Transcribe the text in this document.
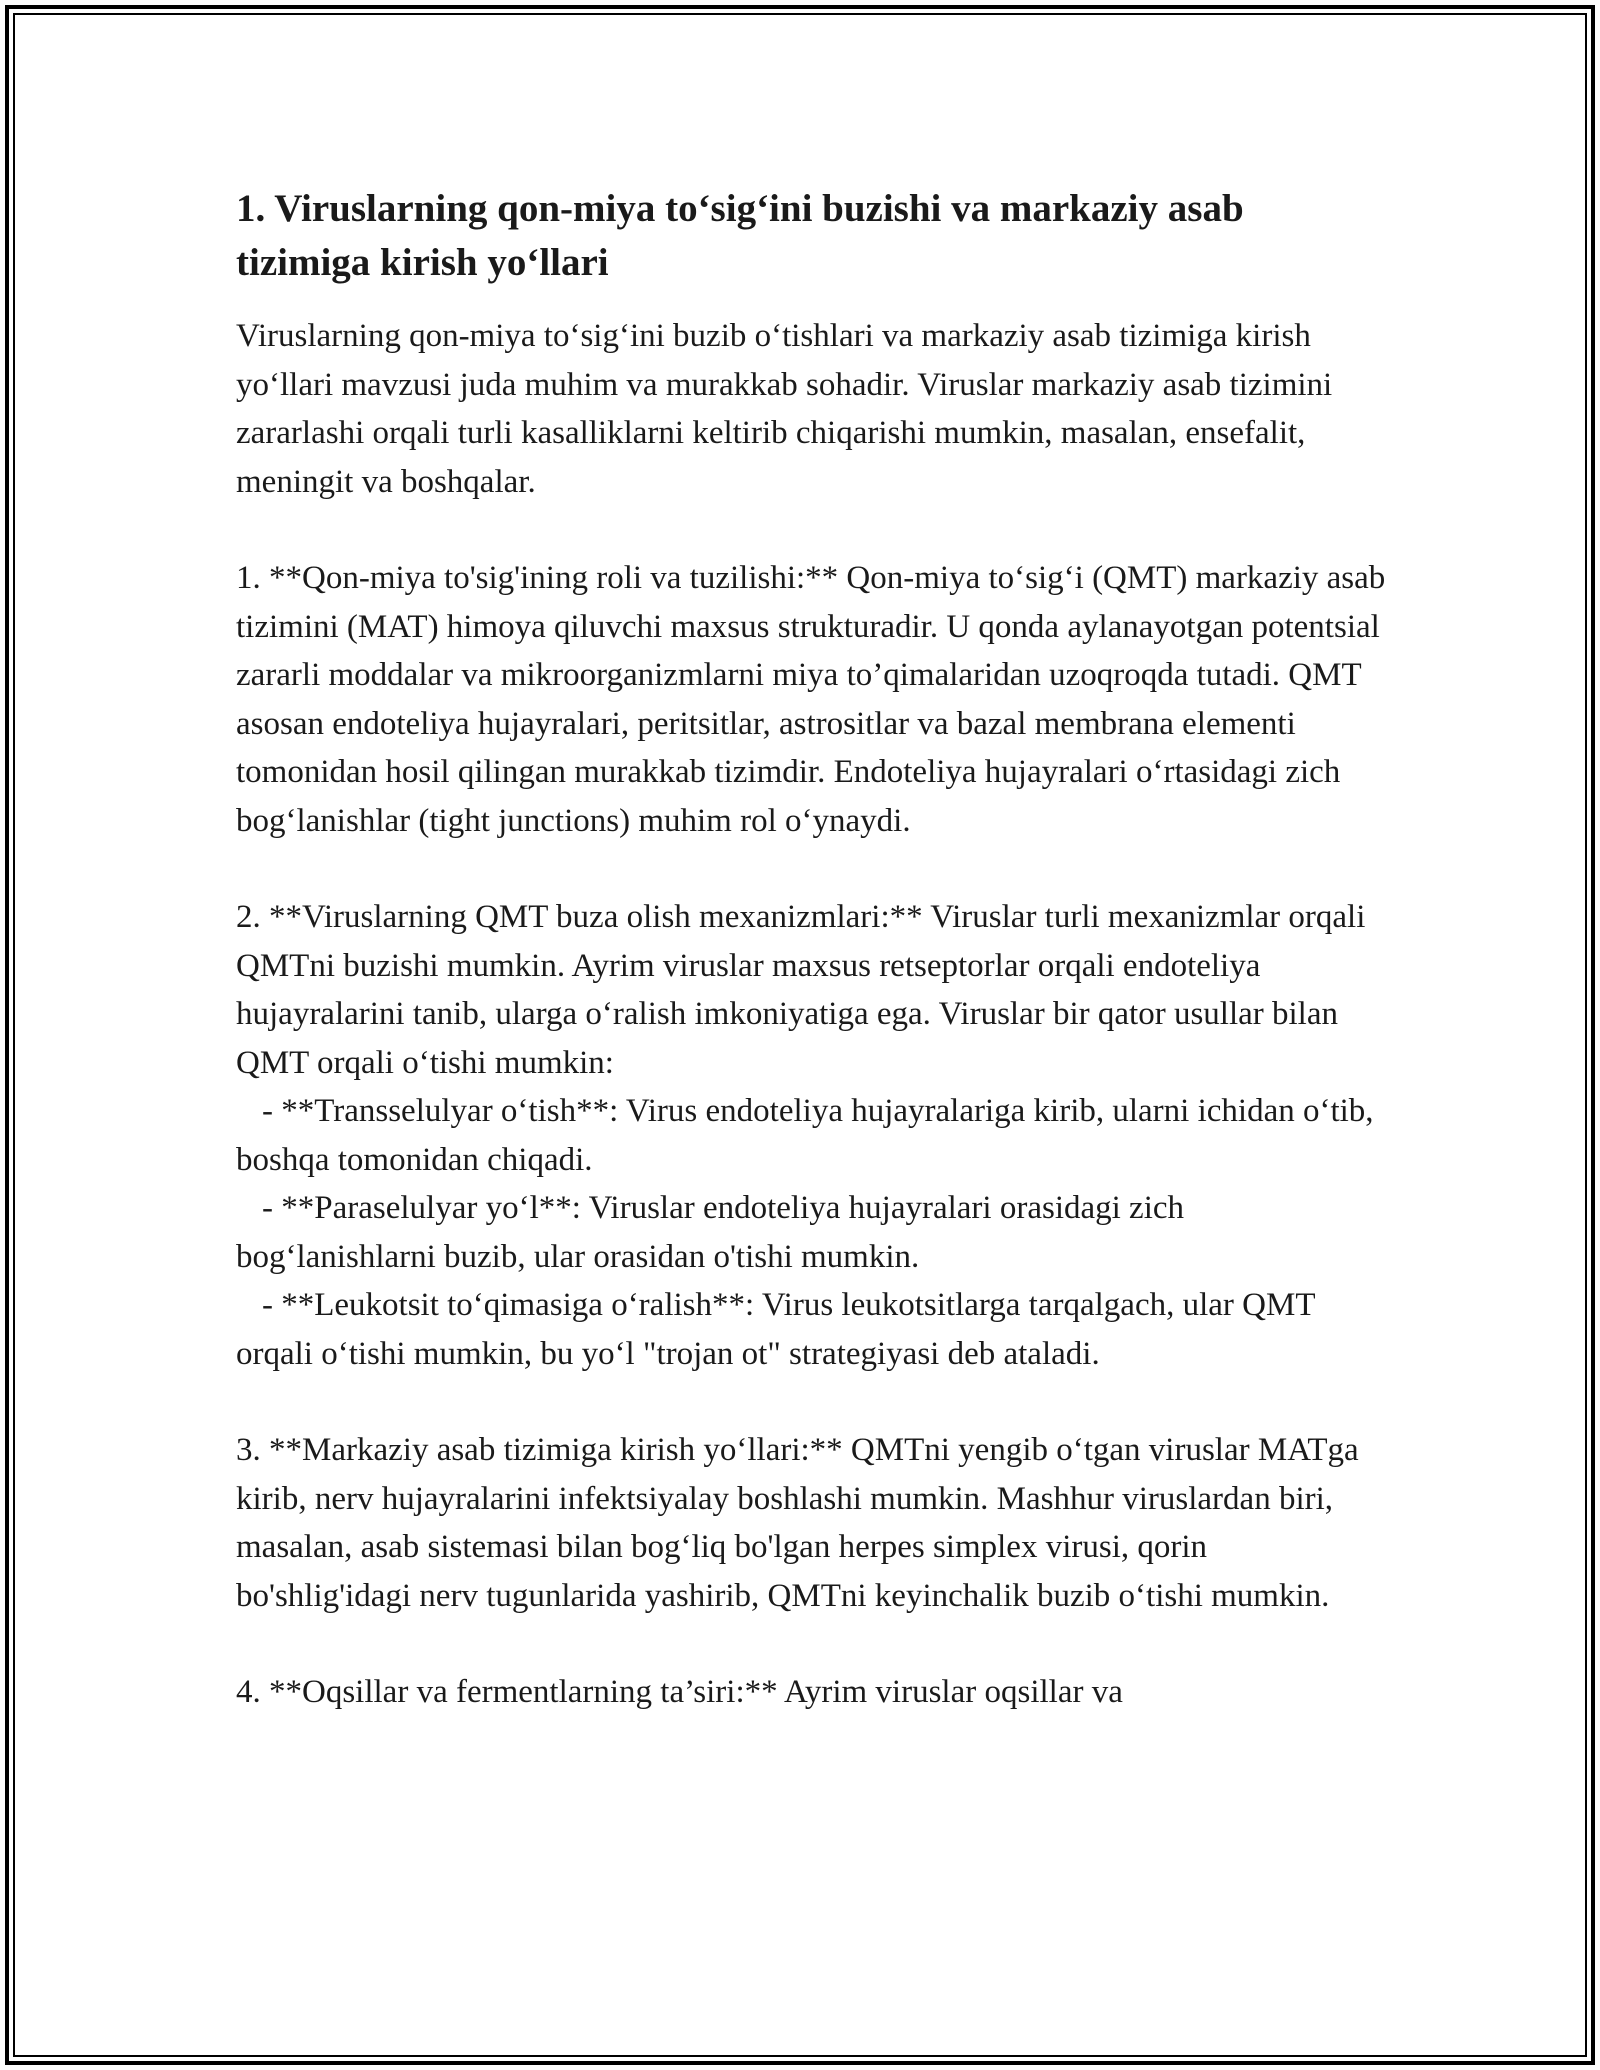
1. Viruslarning qon-miya to‘sig‘ini buzishi va markaziy asab tizimiga kirish yo‘llari

Viruslarning qon-miya to‘sig‘ini buzib o‘tishlari va markaziy asab tizimiga kirish yo‘llari mavzusi juda muhim va murakkab sohadir. Viruslar markaziy asab tizimini zararlashi orqali turli kasalliklarni keltirib chiqarishi mumkin, masalan, ensefalit, meningit va boshqalar.

1. **Qon-miya to'sig'ining roli va tuzilishi:** Qon-miya to‘sig‘i (QMT) markaziy asab tizimini (MAT) himoya qiluvchi maxsus strukturadir. U qonda aylanayotgan potentsial zararli moddalar va mikroorganizmlarni miya to’qimalaridan uzoqroqda tutadi. QMT asosan endoteliya hujayralari, peritsitlar, astrositlar va bazal membrana elementi tomonidan hosil qilingan murakkab tizimdir. Endoteliya hujayralari o‘rtasidagi zich bog‘lanishlar (tight junctions) muhim rol o‘ynaydi.

2. **Viruslarning QMT buza olish mexanizmlari:** Viruslar turli mexanizmlar orqali QMTni buzishi mumkin. Ayrim viruslar maxsus retseptorlar orqali endoteliya hujayralarini tanib, ularga o‘ralish imkoniyatiga ega. Viruslar bir qator usullar bilan QMT orqali o‘tishi mumkin:

- **Transselulyar o‘tish**: Virus endoteliya hujayralariga kirib, ularni ichidan o‘tib, boshqa tomonidan chiqadi.

- **Paraselulyar yo‘l**: Viruslar endoteliya hujayralari orasidagi zich bog‘lanishlarni buzib, ular orasidan o'tishi mumkin.

- **Leukotsit to‘qimasiga o‘ralish**: Virus leukotsitlarga tarqalgach, ular QMT orqali o‘tishi mumkin, bu yo‘l "trojan ot" strategiyasi deb ataladi.

3. **Markaziy asab tizimiga kirish yo‘llari:** QMTni yengib o‘tgan viruslar MATga kirib, nerv hujayralarini infektsiyalay boshlashi mumkin. Mashhur viruslardan biri, masalan, asab sistemasi bilan bog‘liq bo'lgan herpes simplex virusi, qorin bo'shlig'idagi nerv tugunlarida yashirib, QMTni keyinchalik buzib o‘tishi mumkin.

4. **Oqsillar va fermentlarning ta’siri:** Ayrim viruslar oqsillar va
